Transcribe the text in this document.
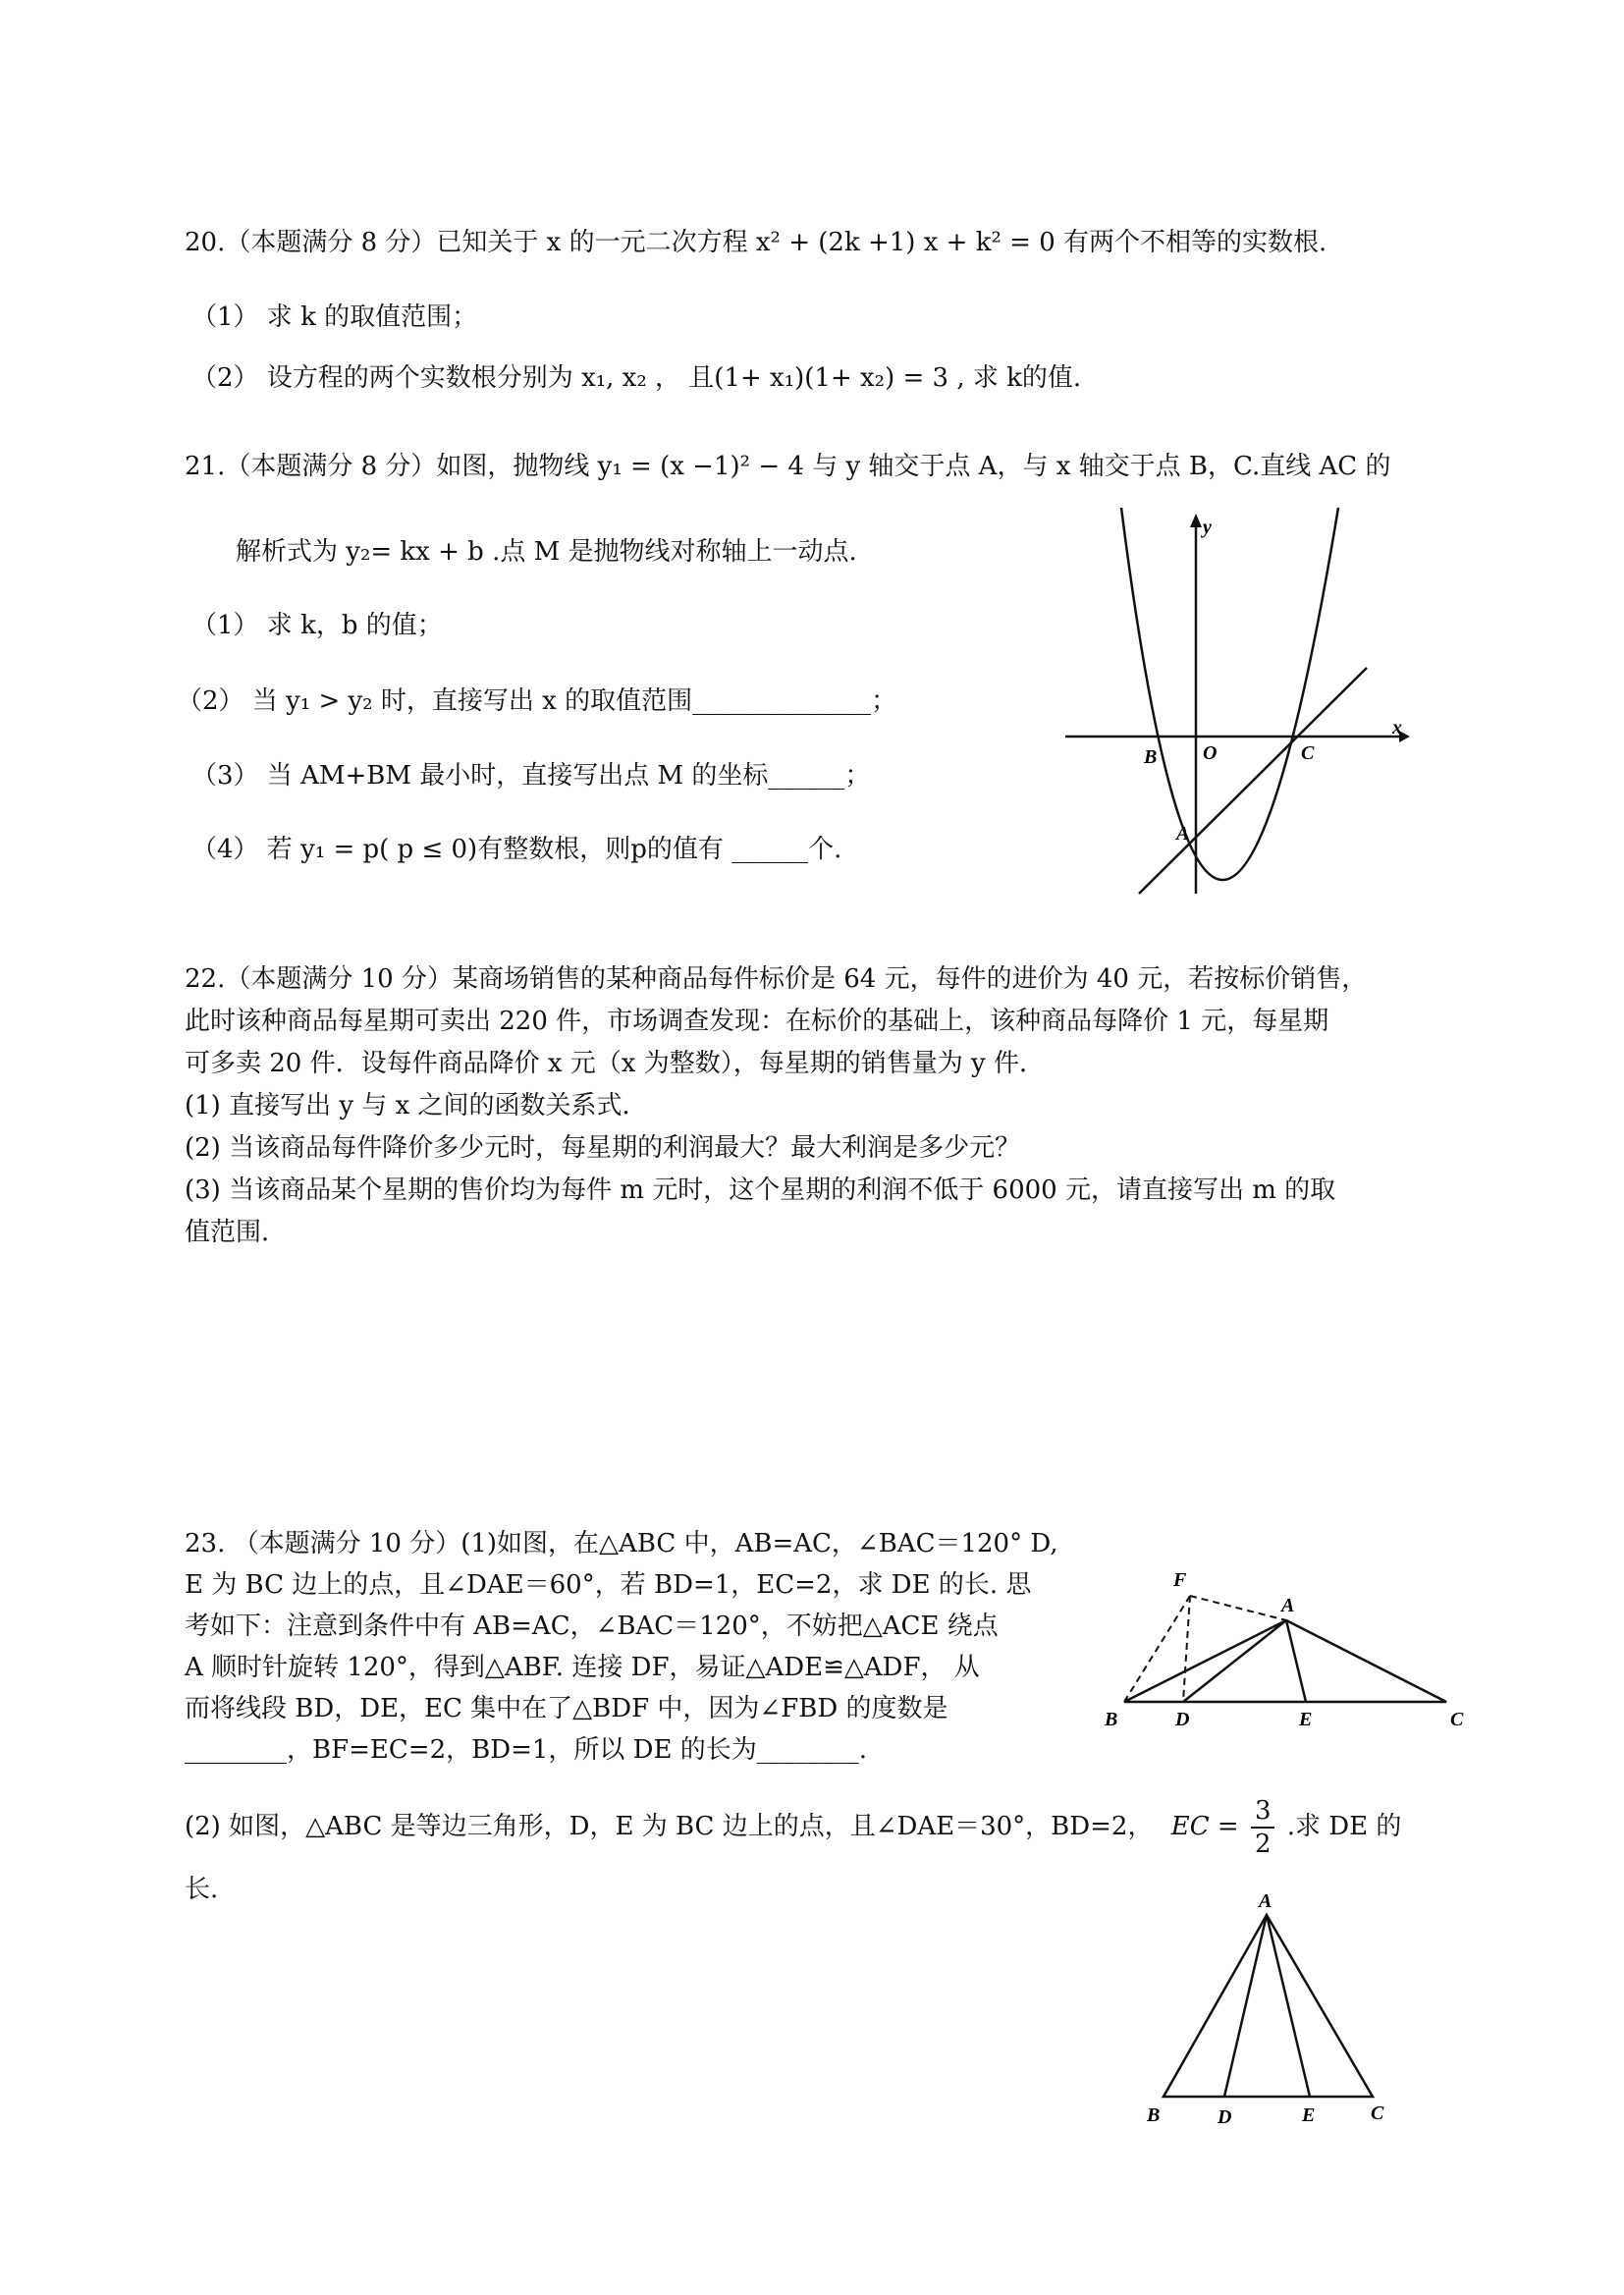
20.（本题满分 8 分）已知关于 x 的一元二次方程 x² + (2k +1) x + k² = 0 有两个不相等的实数根.
（1） 求 k 的取值范围；
（2） 设方程的两个实数根分别为 x₁, x₂ ， 且(1+ x₁)(1+ x₂) = 3 , 求 k的值.
21.（本题满分 8 分）如图，抛物线 y₁ = (x −1)² − 4 与 y 轴交于点 A，与 x 轴交于点 B，C.直线 AC 的
解析式为 y₂= kx + b .点 M 是抛物线对称轴上一动点.
（1） 求 k，b 的值；
（2） 当 y₁ > y₂ 时，直接写出 x 的取值范围______________；
（3） 当 AM+BM 最小时，直接写出点 M 的坐标______；
（4） 若 y₁ = p( p ≤ 0)有整数根，则p的值有 ______个.
y
x
B O	C
A
22.（本题满分 10 分）某商场销售的某种商品每件标价是 64 元，每件的进价为 40 元，若按标价销售，
此时该种商品每星期可卖出 220 件，市场调查发现：在标价的基础上，该种商品每降价 1 元，每星期
可多卖 20 件．设每件商品降价 x 元（x 为整数），每星期的销售量为 y 件．
(1) 直接写出 y 与 x 之间的函数关系式．
(2) 当该商品每件降价多少元时，每星期的利润最大？最大利润是多少元？
(3) 当该商品某个星期的售价均为每件 m 元时，这个星期的利润不低于 6000 元，请直接写出 m 的取
值范围．
23. （本题满分 10 分）(1)如图，在△ABC 中，AB=AC，∠BAC＝120° D,
E 为 BC 边上的点，且∠DAE＝60°，若 BD=1，EC=2，求 DE 的长. 思
考如下：注意到条件中有 AB=AC，∠BAC＝120°，不妨把△ACE 绕点
A 顺时针旋转 120°，得到△ABF. 连接 DF，易证△ADE≌△ADF， 从
而将线段 BD，DE，EC 集中在了△BDF 中，因为∠FBD 的度数是
________，BF=EC=2，BD=1，所以 DE 的长为________.
F
A
B	D	E	C
(2) 如图，△ABC 是等边三角形，D，E 为 BC 边上的点，且∠DAE＝30°，BD=2， EC = $\frac{3}{2}$ .求 DE 的
长.	A
B	D	E	C
